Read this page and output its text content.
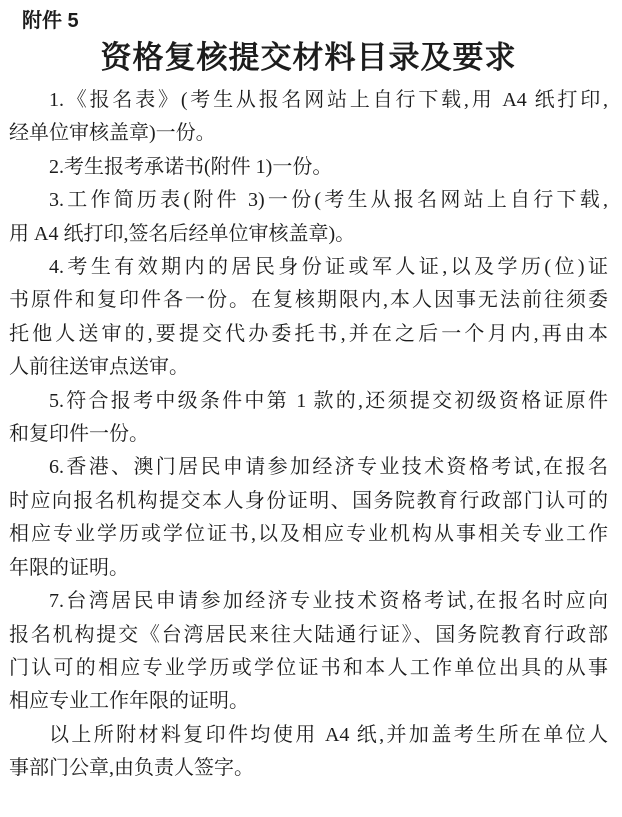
附件 5
资格复核提交材料目录及要求
1.《报名表》(考生从报名网站上自行下载,用 A4 纸打印,
经单位审核盖章)一份。
2.考生报考承诺书(附件 1)一份。
3.工作简历表(附件 3)一份(考生从报名网站上自行下载,
用 A4 纸打印,签名后经单位审核盖章)。
4.考生有效期内的居民身份证或军人证,以及学历(位)证
书原件和复印件各一份。在复核期限内,本人因事无法前往须委
托他人送审的,要提交代办委托书,并在之后一个月内,再由本
人前往送审点送审。
5.符合报考中级条件中第 1 款的,还须提交初级资格证原件
和复印件一份。
6.香港、澳门居民申请参加经济专业技术资格考试,在报名
时应向报名机构提交本人身份证明、国务院教育行政部门认可的
相应专业学历或学位证书,以及相应专业机构从事相关专业工作
年限的证明。
7.台湾居民申请参加经济专业技术资格考试,在报名时应向
报名机构提交《台湾居民来往大陆通行证》、国务院教育行政部
门认可的相应专业学历或学位证书和本人工作单位出具的从事
相应专业工作年限的证明。
以上所附材料复印件均使用 A4 纸,并加盖考生所在单位人
事部门公章,由负责人签字。
